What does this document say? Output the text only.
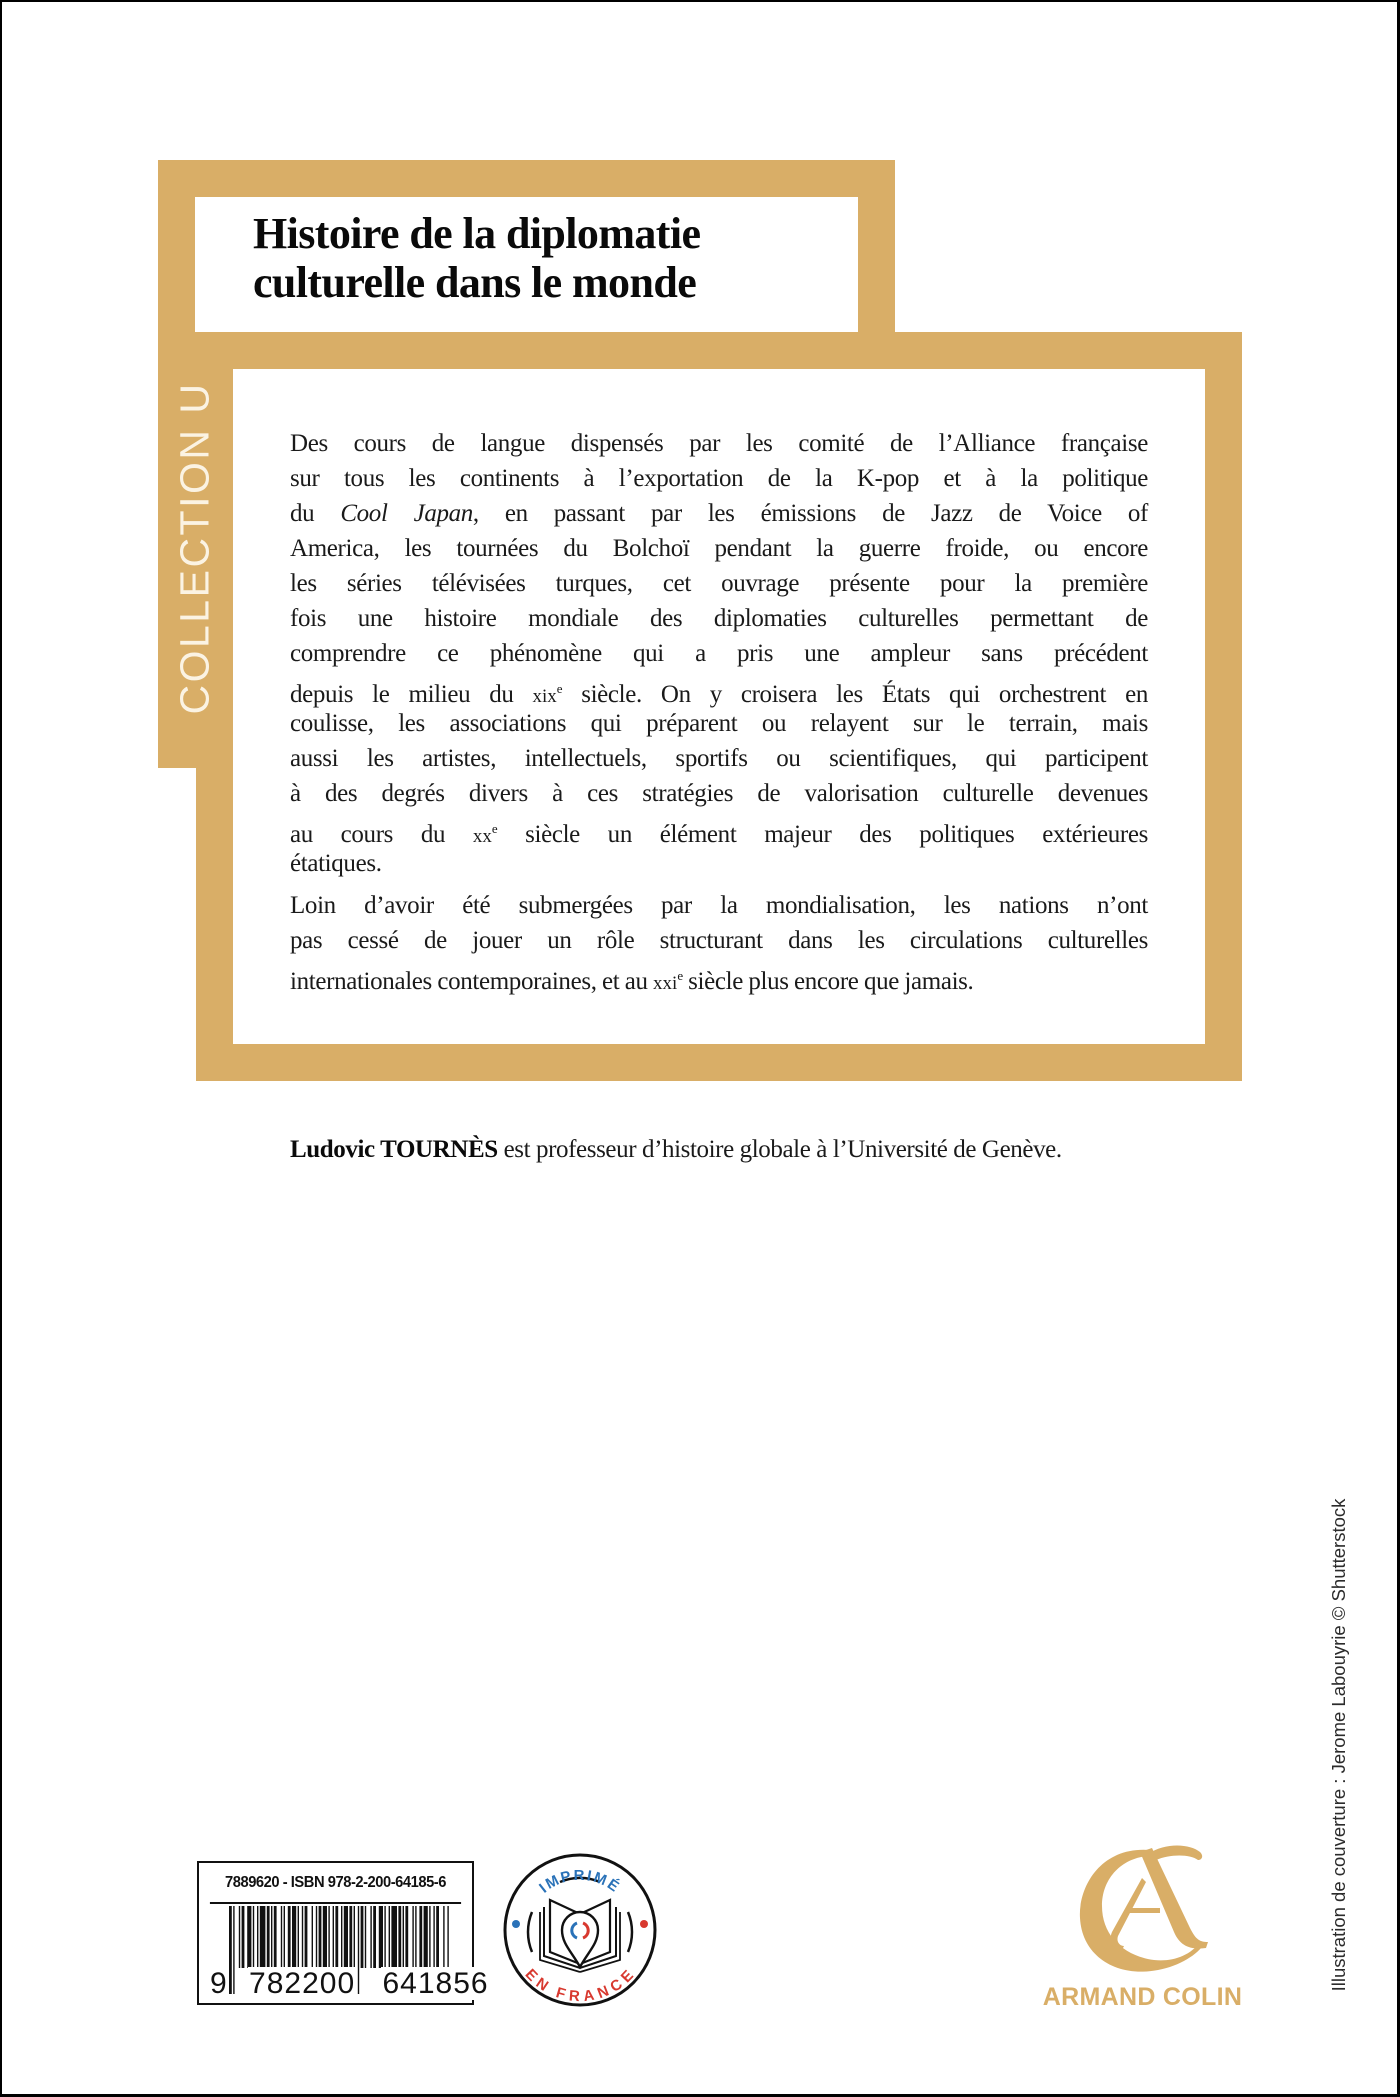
Histoire de la diplomatie
culturelle dans le monde
COLLECTION U	Des cours de langue dispensés par les comité de l’Alliance française
sur tous les continents à l’exportation de la K-pop et à la politique
du Cool Japan, en passant par les émissions de Jazz de Voice of
America, les tournées du Bolchoï pendant la guerre froide, ou encore
les séries télévisées turques, cet ouvrage présente pour la première
fois une histoire mondiale des diplomaties culturelles permettant de
comprendre ce phénomène qui a pris une ampleur sans précédent
depuis le milieu du xix$^e$ siècle. On y croisera les États qui orchestrent en
coulisse, les associations qui préparent ou relayent sur le terrain, mais
aussi les artistes, intellectuels, sportifs ou scientifiques, qui participent
à des degrés divers à ces stratégies de valorisation culturelle devenues
au cours du $xx^e$ siècle un élément majeur des politiques extérieures
étatiques.
Loin d’avoir été submergées par la mondialisation, les nations n’ont
pas cessé de jouer un rôle structurant dans les circulations culturelles
internationales contemporaines, et au xxi$^e$ siècle plus encore que jamais.

Ludovic TOURNÈS est professeur d’histoire globale à l’Université de Genève.

Illustration de couverture : Jerome Labouyrie © Shutterstock
7889620 - ISBN 978-2-200-64185-6
9 782200 641856
IMPRIMÉ
EN FRANCE
ARMAND COLIN
